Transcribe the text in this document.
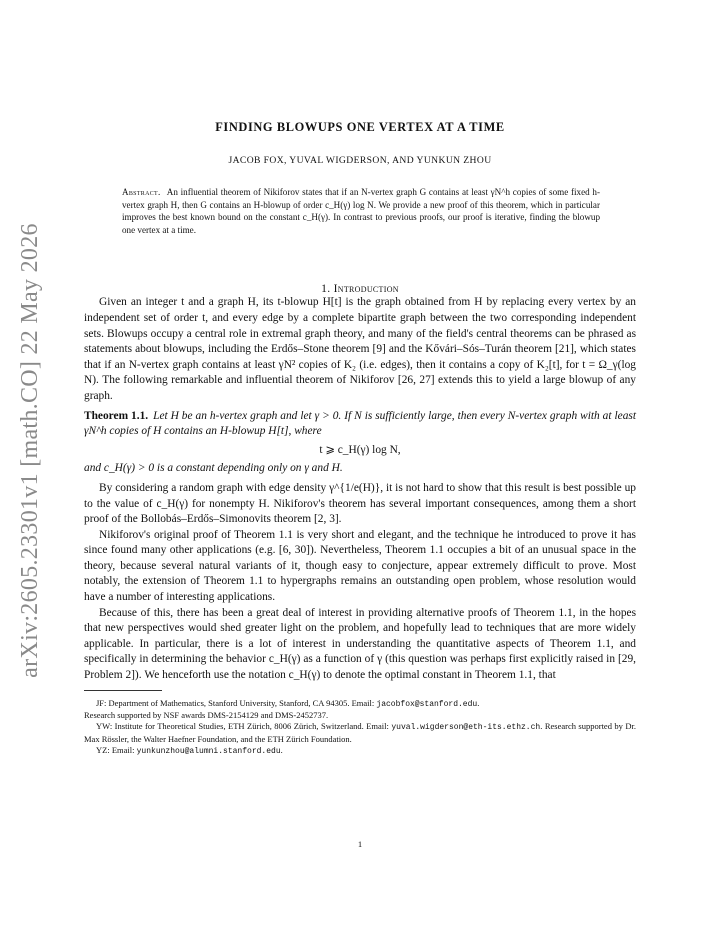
arXiv:2605.23301v1 [math.CO] 22 May 2026
FINDING BLOWUPS ONE VERTEX AT A TIME
JACOB FOX, YUVAL WIGDERSON, AND YUNKUN ZHOU
Abstract. An influential theorem of Nikiforov states that if an N-vertex graph G contains at least γN^h copies of some fixed h-vertex graph H, then G contains an H-blowup of order c_H(γ) log N. We provide a new proof of this theorem, which in particular improves the best known bound on the constant c_H(γ). In contrast to previous proofs, our proof is iterative, finding the blowup one vertex at a time.
1. Introduction

Given an integer t and a graph H, its t-blowup H[t] is the graph obtained from H by replacing every vertex by an independent set of order t, and every edge by a complete bipartite graph between the two corresponding independent sets. Blowups occupy a central role in extremal graph theory, and many of the field's central theorems can be phrased as statements about blowups, including the Erdős–Stone theorem [9] and the Kővári–Sós–Turán theorem [21], which states that if an N-vertex graph contains at least γN² copies of K₂ (i.e. edges), then it contains a copy of K₂[t], for t = Ω_γ(log N). The following remarkable and influential theorem of Nikiforov [26, 27] extends this to yield a large blowup of any graph.

Theorem 1.1. Let H be an h-vertex graph and let γ > 0. If N is sufficiently large, then every N-vertex graph with at least γN^h copies of H contains an H-blowup H[t], where
t ⩾ c_H(γ) log N,
and c_H(γ) > 0 is a constant depending only on γ and H.

By considering a random graph with edge density γ^{1/e(H)}, it is not hard to show that this result is best possible up to the value of c_H(γ) for nonempty H. Nikiforov's theorem has several important consequences, among them a short proof of the Bollobás–Erdős–Simonovits theorem [2, 3].

Nikiforov's original proof of Theorem 1.1 is very short and elegant, and the technique he introduced to prove it has since found many other applications (e.g. [6, 30]). Nevertheless, Theorem 1.1 occupies a bit of an unusual space in the theory, because several natural variants of it, though easy to conjecture, appear extremely difficult to prove. Most notably, the extension of Theorem 1.1 to hypergraphs remains an outstanding open problem, whose resolution would have a number of interesting applications.

Because of this, there has been a great deal of interest in providing alternative proofs of Theorem 1.1, in the hopes that new perspectives would shed greater light on the problem, and hopefully lead to techniques that are more widely applicable. In particular, there is a lot of interest in understanding the quantitative aspects of Theorem 1.1, and specifically in determining the behavior c_H(γ) as a function of γ (this question was perhaps first explicitly raised in [29, Problem 2]). We henceforth use the notation c_H(γ) to denote the optimal constant in Theorem 1.1, that

JF: Department of Mathematics, Stanford University, Stanford, CA 94305. Email: jacobfox@stanford.edu.

Research supported by NSF awards DMS-2154129 and DMS-2452737.

YW: Institute for Theoretical Studies, ETH Zürich, 8006 Zürich, Switzerland. Email: yuval.wigderson@eth-its.ethz.ch. Research supported by Dr. Max Rössler, the Walter Haefner Foundation, and the ETH Zürich Foundation.

YZ: Email: yunkunzhou@alumni.stanford.edu.

1
